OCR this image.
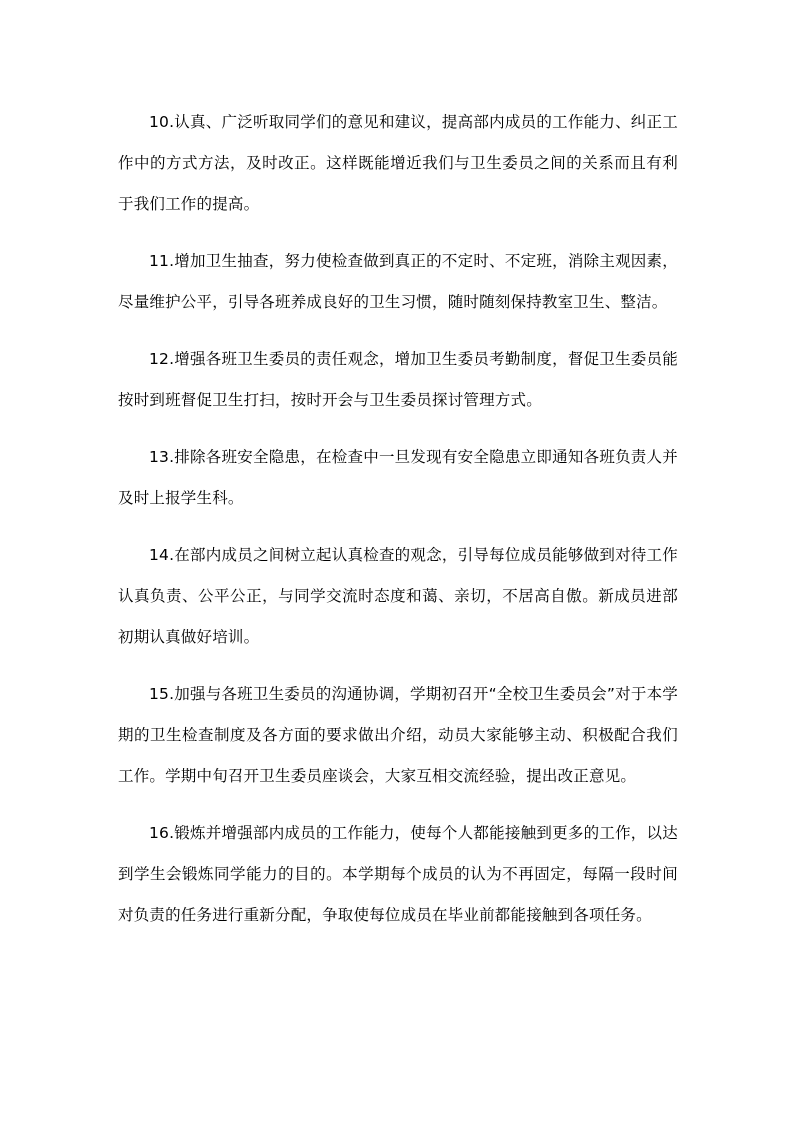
10.认真、广泛听取同学们的意见和建议，提高部内成员的工作能力、纠正工作中的方式方法，及时改正。这样既能增近我们与卫生委员之间的关系而且有利于我们工作的提高。

11.增加卫生抽查，努力使检查做到真正的不定时、不定班，消除主观因素，尽量维护公平，引导各班养成良好的卫生习惯，随时随刻保持教室卫生、整洁。

12.增强各班卫生委员的责任观念，增加卫生委员考勤制度，督促卫生委员能按时到班督促卫生打扫，按时开会与卫生委员探讨管理方式。

13.排除各班安全隐患，在检查中一旦发现有安全隐患立即通知各班负责人并及时上报学生科。

14.在部内成员之间树立起认真检查的观念，引导每位成员能够做到对待工作认真负责、公平公正，与同学交流时态度和蔼、亲切，不居高自傲。新成员进部初期认真做好培训。

15.加强与各班卫生委员的沟通协调，学期初召开“全校卫生委员会”对于本学期的卫生检查制度及各方面的要求做出介绍，动员大家能够主动、积极配合我们工作。学期中旬召开卫生委员座谈会，大家互相交流经验，提出改正意见。

16.锻炼并增强部内成员的工作能力，使每个人都能接触到更多的工作，以达到学生会锻炼同学能力的目的。本学期每个成员的认为不再固定，每隔一段时间对负责的任务进行重新分配，争取使每位成员在毕业前都能接触到各项任务。
